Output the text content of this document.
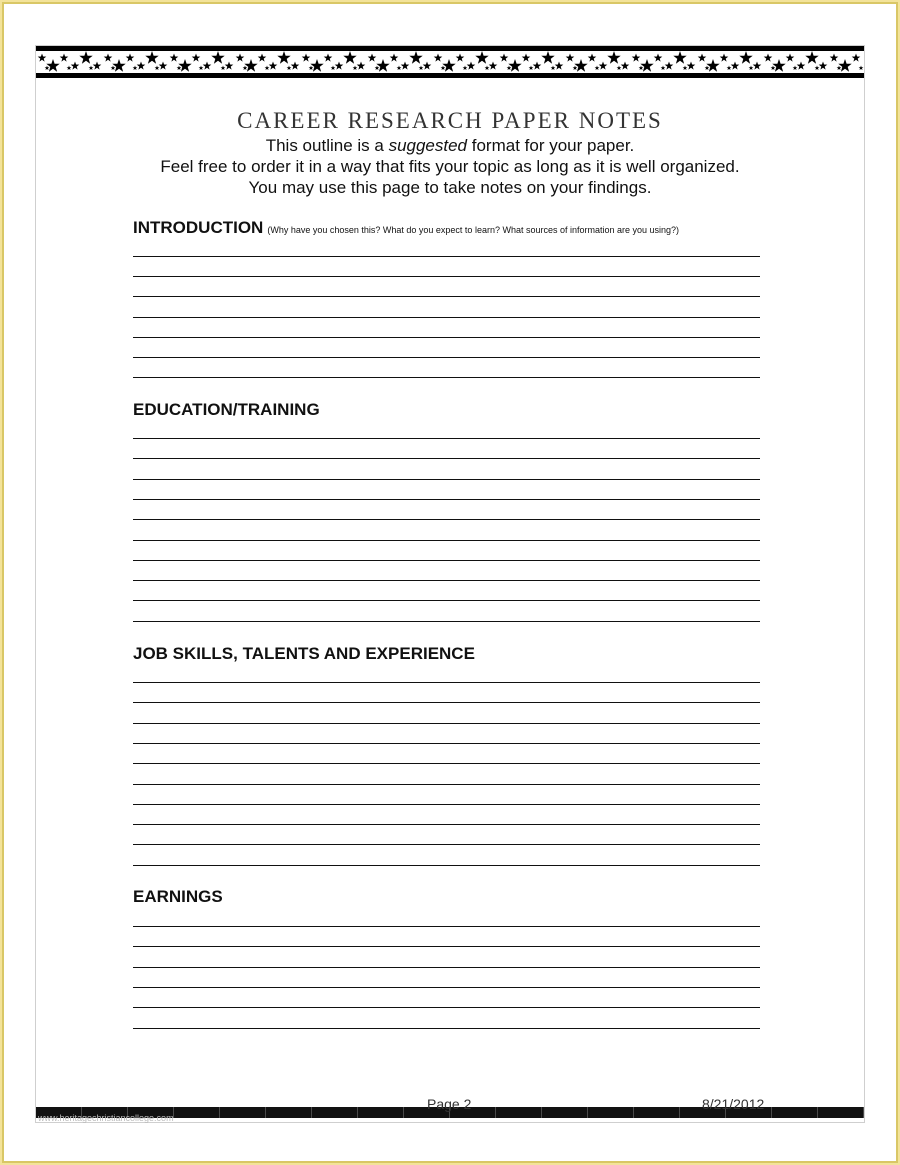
CAREER RESEARCH PAPER NOTES
This outline is a suggested format for your paper.
Feel free to order it in a way that fits your topic as long as it is well organized.
You may use this page to take notes on your findings.
INTRODUCTION (Why have you chosen this? What do you expect to learn? What sources of information are you using?)
EDUCATION/TRAINING
JOB SKILLS, TALENTS AND EXPERIENCE
EARNINGS
www.heritagechristiancollege.com
Page 2	8/21/2012
